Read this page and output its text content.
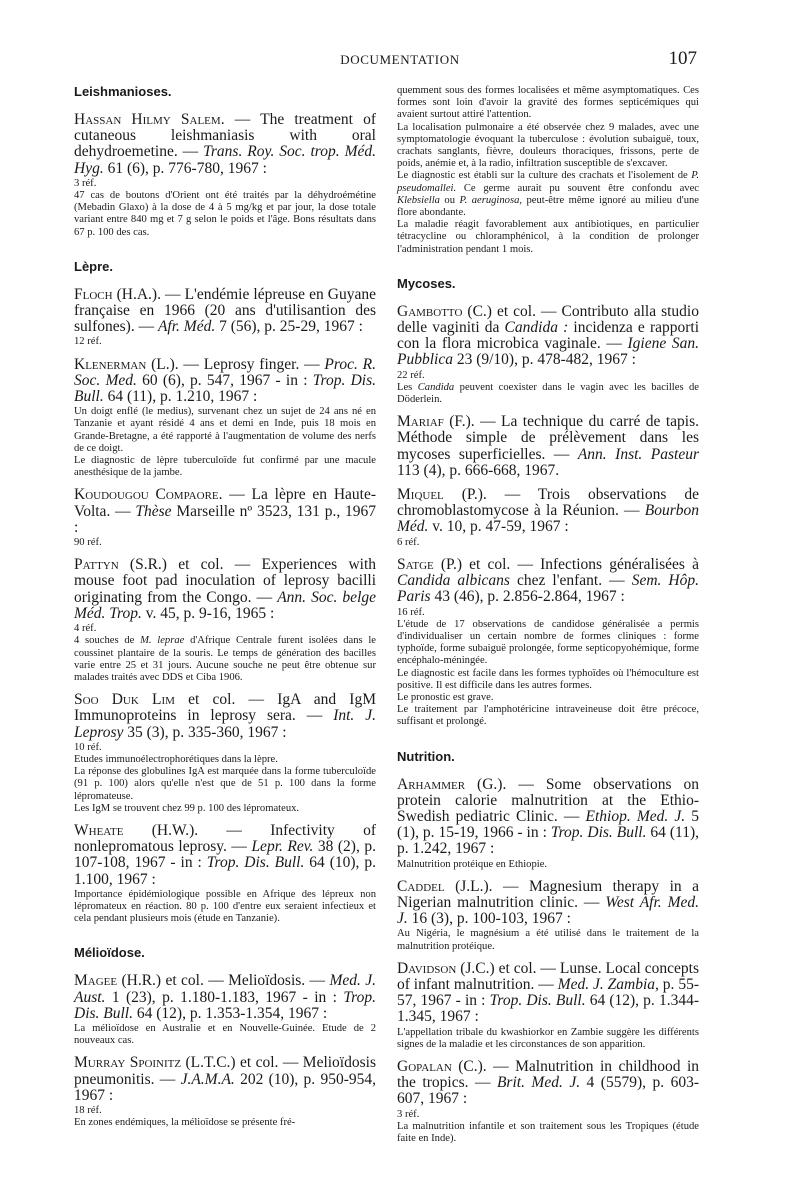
DOCUMENTATION	107
Leishmanioses.
Hassan Hilmy Salem. — The treatment of cutaneous leishmaniasis with oral dehydroemetine. — Trans. Roy. Soc. trop. Méd. Hyg. 61 (6), p. 776-780, 1967 :

3 réf.

47 cas de boutons d'Orient ont été traités par la déhydroémétine (Mebadin Glaxo) à la dose de 4 à 5 mg/kg et par jour, la dose totale variant entre 840 mg et 7 g selon le poids et l'âge. Bons résultats dans 67 p. 100 des cas.

Lèpre.
Floch (H.A.). — L'endémie lépreuse en Guyane française en 1966 (20 ans d'utilisantion des sulfones). — Afr. Méd. 7 (56), p. 25-29, 1967 :

12 réf.

Klenerman (L.). — Leprosy finger. — Proc. R. Soc. Med. 60 (6), p. 547, 1967 - in : Trop. Dis. Bull. 64 (11), p. 1.210, 1967 :

Un doigt enflé (le medius), survenant chez un sujet de 24 ans né en Tanzanie et ayant résidé 4 ans et demi en Inde, puis 18 mois en Grande-Bretagne, a été rapporté à l'augmentation de volume des nerfs de ce doigt.

Le diagnostic de lèpre tuberculoïde fut confirmé par une macule anesthésique de la jambe.

Koudougou Compaore. — La lèpre en Haute-Volta. — Thèse Marseille nº 3523, 131 p., 1967 :

90 réf.

Pattyn (S.R.) et col. — Experiences with mouse foot pad inoculation of leprosy bacilli originating from the Congo. — Ann. Soc. belge Méd. Trop. v. 45, p. 9-16, 1965 :

4 réf.

4 souches de M. leprae d'Afrique Centrale furent isolées dans le coussinet plantaire de la souris. Le temps de génération des bacilles varie entre 25 et 31 jours. Aucune souche ne peut être obtenue sur malades traités avec DDS et Ciba 1906.

Soo Duk Lim et col. — IgA and IgM Immunoproteins in leprosy sera. — Int. J. Leprosy 35 (3), p. 335-360, 1967 :

10 réf.

Etudes immunoélectrophorétiques dans la lèpre.

La réponse des globulines IgA est marquée dans la forme tuberculoïde (91 p. 100) alors qu'elle n'est que de 51 p. 100 dans la forme lépromateuse.

Les IgM se trouvent chez 99 p. 100 des lépromateux.

Wheate (H.W.). — Infectivity of nonlepromatous leprosy. — Lepr. Rev. 38 (2), p. 107-108, 1967 - in : Trop. Dis. Bull. 64 (10), p. 1.100, 1967 :

Importance épidémiologique possible en Afrique des lépreux non lépromateux en réaction. 80 p. 100 d'entre eux seraient infectieux et cela pendant plusieurs mois (étude en Tanzanie).

Mélioïdose.
Magee (H.R.) et col. — Melioïdosis. — Med. J. Aust. 1 (23), p. 1.180-1.183, 1967 - in : Trop. Dis. Bull. 64 (12), p. 1.353-1.354, 1967 :

La mélioïdose en Australie et en Nouvelle-Guinée. Etude de 2 nouveaux cas.

Murray Spoinitz (L.T.C.) et col. — Melioïdosis pneumonitis. — J.A.M.A. 202 (10), p. 950-954, 1967 :

18 réf.

En zones endémiques, la mélioïdose se présente fré-

quemment sous des formes localisées et même asymptomatiques. Ces formes sont loin d'avoir la gravité des formes septicémiques qui avaient surtout attiré l'attention.

La localisation pulmonaire a été observée chez 9 malades, avec une symptomatologie évoquant la tuberculose : évolution subaiguë, toux, crachats sanglants, fièvre, douleurs thoraciques, frissons, perte de poids, anémie et, à la radio, infiltration susceptible de s'excaver.

Le diagnostic est établi sur la culture des crachats et l'isolement de P. pseudomallei. Ce germe aurait pu souvent être confondu avec Klebsiella ou P. aeruginosa, peut-être même ignoré au milieu d'une flore abondante.

La maladie réagit favorablement aux antibiotiques, en particulier tétracycline ou chloramphénicol, à la condition de prolonger l'administration pendant 1 mois.

Mycoses.
Gambotto (C.) et col. — Contributo alla studio delle vaginiti da Candida : incidenza e rapporti con la flora microbica vaginale. — Igiene San. Pubblica 23 (9/10), p. 478-482, 1967 :

22 réf.

Les Candida peuvent coexister dans le vagin avec les bacilles de Döderlein.

Mariaf (F.). — La technique du carré de tapis. Méthode simple de prélèvement dans les mycoses superficielles. — Ann. Inst. Pasteur 113 (4), p. 666-668, 1967.
Miquel (P.). — Trois observations de chromoblastomycose à la Réunion. — Bourbon Méd. v. 10, p. 47-59, 1967 :

6 réf.

Satge (P.) et col. — Infections généralisées à Candida albicans chez l'enfant. — Sem. Hôp. Paris 43 (46), p. 2.856-2.864, 1967 :

16 réf.

L'étude de 17 observations de candidose généralisée a permis d'individualiser un certain nombre de formes cliniques : forme typhoïde, forme subaiguë prolongée, forme septicopyohémique, forme encéphalo-méningée.

Le diagnostic est facile dans les formes typhoïdes où l'hémoculture est positive. Il est difficile dans les autres formes.

Le pronostic est grave.

Le traitement par l'amphotéricine intraveineuse doit être précoce, suffisant et prolongé.

Nutrition.
Arhammer (G.). — Some observations on protein calorie malnutrition at the Ethio-Swedish pediatric Clinic. — Ethiop. Med. J. 5 (1), p. 15-19, 1966 - in : Trop. Dis. Bull. 64 (11), p. 1.242, 1967 :

Malnutrition protéique en Ethiopie.

Caddel (J.L.). — Magnesium therapy in a Nigerian malnutrition clinic. — West Afr. Med. J. 16 (3), p. 100-103, 1967 :

Au Nigéria, le magnésium a été utilisé dans le traitement de la malnutrition protéique.

Davidson (J.C.) et col. — Lunse. Local concepts of infant malnutrition. — Med. J. Zambia, p. 55-57, 1967 - in : Trop. Dis. Bull. 64 (12), p. 1.344-1.345, 1967 :

L'appellation tribale du kwashiorkor en Zambie suggère les différents signes de la maladie et les circonstances de son apparition.

Gopalan (C.). — Malnutrition in childhood in the tropics. — Brit. Med. J. 4 (5579), p. 603-607, 1967 :

3 réf.

La malnutrition infantile et son traitement sous les Tropiques (étude faite en Inde).
